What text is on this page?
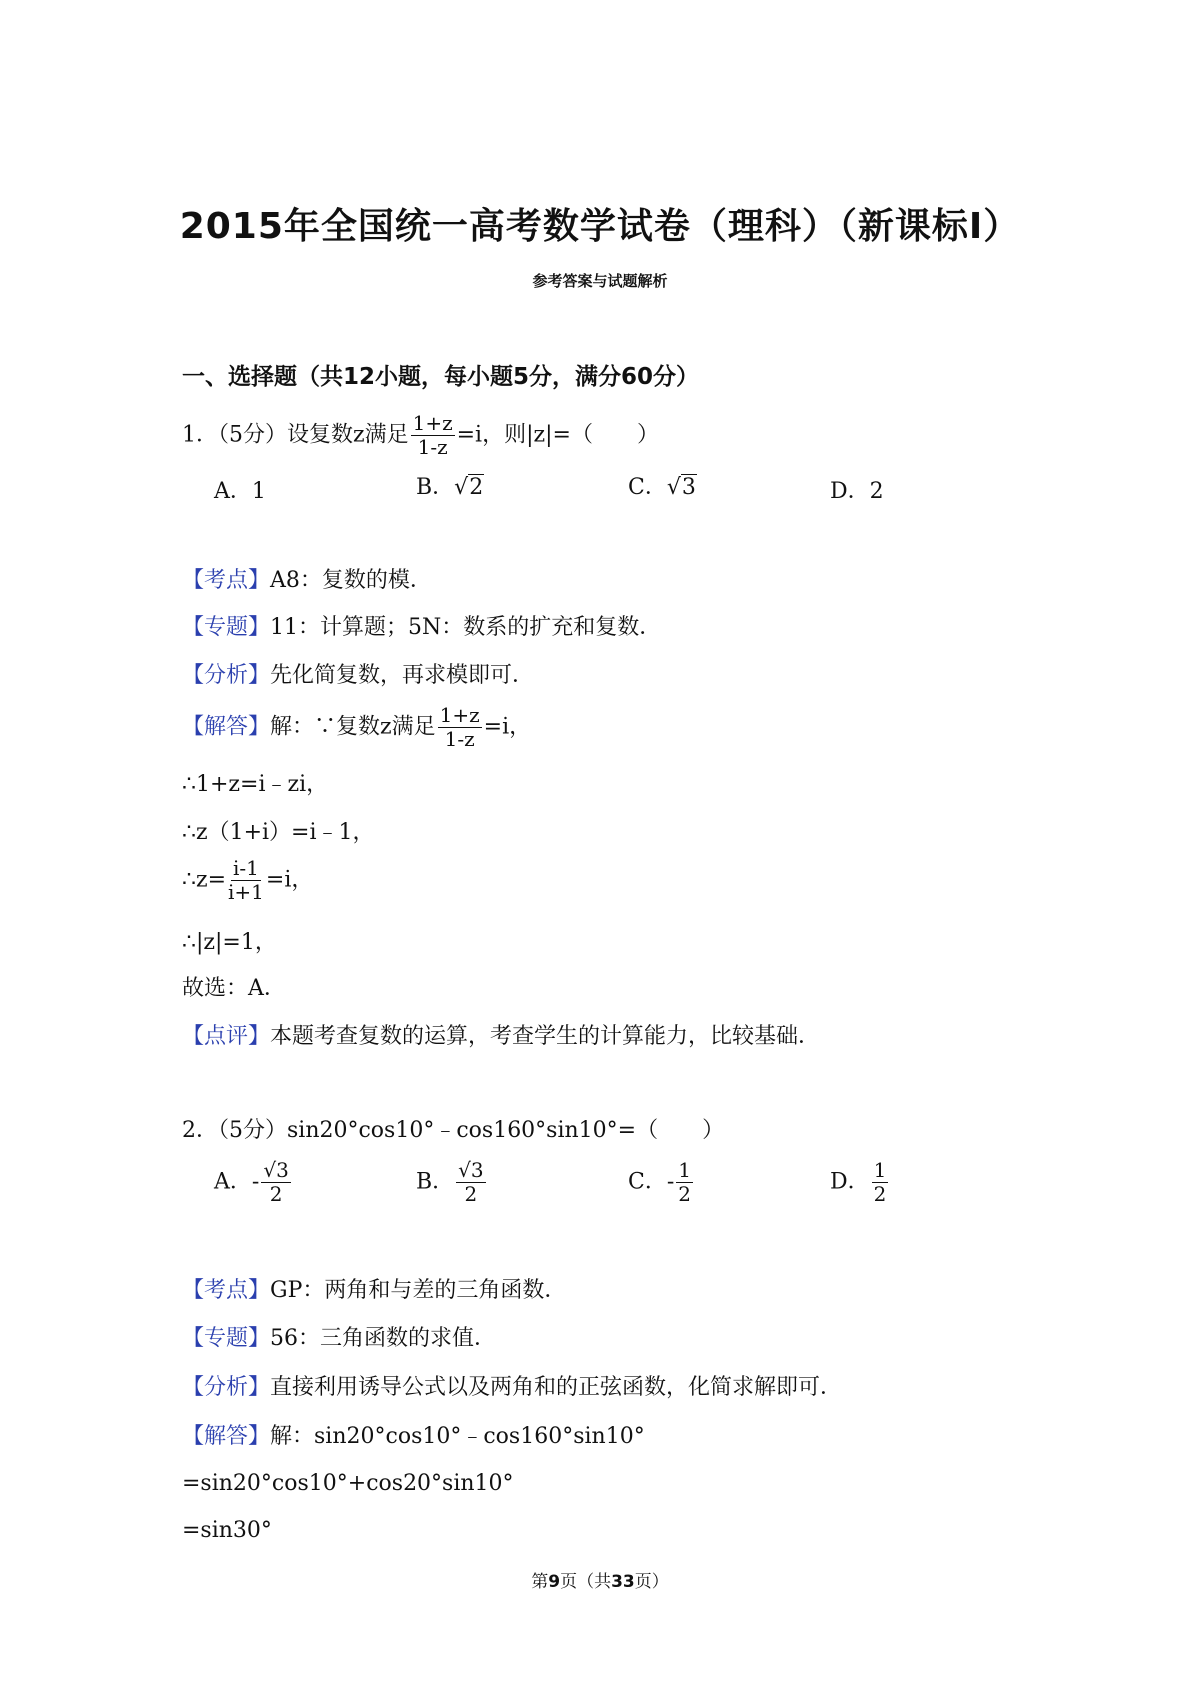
2015年全国统一高考数学试卷（理科）（新课标Ⅰ）
参考答案与试题解析
一、选择题（共12小题，每小题5分，满分60分）
1．（5分）设复数z满足 $\frac{1+z}{1-z} =i$，则|z|=（　　）
A．1	B．√2	C．√3	D．2
【考点】A8：复数的模．
【专题】11：计算题；5N：数系的扩充和复数．
【分析】先化简复数，再求模即可．
【解答】解：∵复数z满足 $\frac{1+z}{1-z} =i$，
∴1+z=i﹣zi，
∴z（1+i）=i﹣1，
∴z= $\frac{i-1}{i+1} =i$，
∴|z|=1，
故选：A．
【点评】本题考查复数的运算，考查学生的计算能力，比较基础．
2．（5分）sin20°cos10°﹣cos160°sin10°=（　　）
A．- $\frac{√3}{2}$	B． $\frac{√3}{2}$	C．- $\frac{1}{2}$	D． $\frac{1}{2}$
【考点】GP：两角和与差的三角函数．
【专题】56：三角函数的求值．
【分析】直接利用诱导公式以及两角和的正弦函数，化简求解即可．
【解答】解：sin20°cos10°﹣cos160°sin10°
=sin20°cos10°+cos20°sin10°
=sin30°
第9页（共33页）
